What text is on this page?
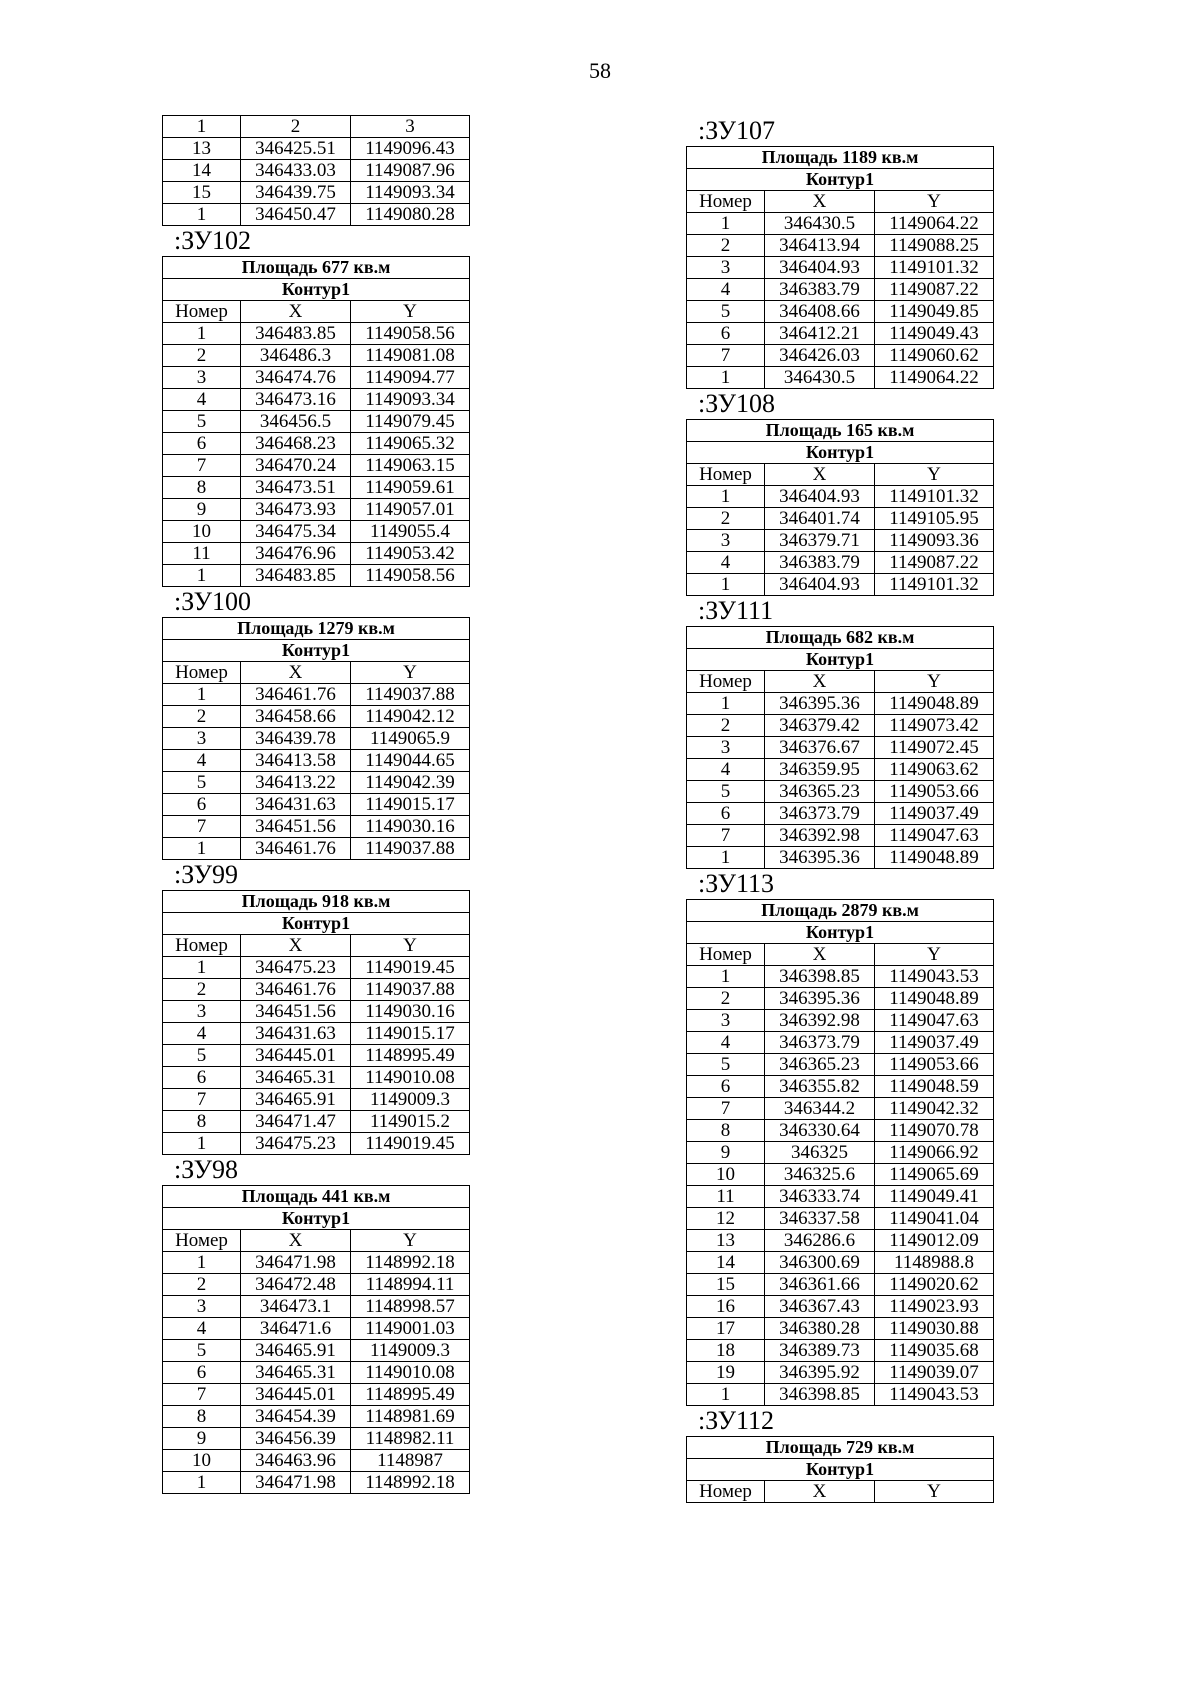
58
1	2	3
13	346425.51	1149096.43
14	346433.03	1149087.96
15	346439.75	1149093.34
1	346450.47	1149080.28
:ЗУ102
Площадь 677 кв.м		
Контур1		
Номер	X	Y
1	346483.85	1149058.56
2	346486.3	1149081.08
3	346474.76	1149094.77
4	346473.16	1149093.34
5	346456.5	1149079.45
6	346468.23	1149065.32
7	346470.24	1149063.15
8	346473.51	1149059.61
9	346473.93	1149057.01
10	346475.34	1149055.4
11	346476.96	1149053.42
1	346483.85	1149058.56
:ЗУ100
Площадь 1279 кв.м		
Контур1		
Номер	X	Y
1	346461.76	1149037.88
2	346458.66	1149042.12
3	346439.78	1149065.9
4	346413.58	1149044.65
5	346413.22	1149042.39
6	346431.63	1149015.17
7	346451.56	1149030.16
1	346461.76	1149037.88
:ЗУ99
Площадь 918 кв.м		
Контур1		
Номер	X	Y
1	346475.23	1149019.45
2	346461.76	1149037.88
3	346451.56	1149030.16
4	346431.63	1149015.17
5	346445.01	1148995.49
6	346465.31	1149010.08
7	346465.91	1149009.3
8	346471.47	1149015.2
1	346475.23	1149019.45
:ЗУ98
Площадь 441 кв.м		
Контур1		
Номер	X	Y
1	346471.98	1148992.18
2	346472.48	1148994.11
3	346473.1	1148998.57
4	346471.6	1149001.03
5	346465.91	1149009.3
6	346465.31	1149010.08
7	346445.01	1148995.49
8	346454.39	1148981.69
9	346456.39	1148982.11
10	346463.96	1148987
1	346471.98	1148992.18
:ЗУ107
Площадь 1189 кв.м		
Контур1		
Номер	X	Y
1	346430.5	1149064.22
2	346413.94	1149088.25
3	346404.93	1149101.32
4	346383.79	1149087.22
5	346408.66	1149049.85
6	346412.21	1149049.43
7	346426.03	1149060.62
1	346430.5	1149064.22
:ЗУ108
Площадь 165 кв.м		
Контур1		
Номер	X	Y
1	346404.93	1149101.32
2	346401.74	1149105.95
3	346379.71	1149093.36
4	346383.79	1149087.22
1	346404.93	1149101.32
:ЗУ111
Площадь 682 кв.м		
Контур1		
Номер	X	Y
1	346395.36	1149048.89
2	346379.42	1149073.42
3	346376.67	1149072.45
4	346359.95	1149063.62
5	346365.23	1149053.66
6	346373.79	1149037.49
7	346392.98	1149047.63
1	346395.36	1149048.89
:ЗУ113
Площадь 2879 кв.м		
Контур1		
Номер	X	Y
1	346398.85	1149043.53
2	346395.36	1149048.89
3	346392.98	1149047.63
4	346373.79	1149037.49
5	346365.23	1149053.66
6	346355.82	1149048.59
7	346344.2	1149042.32
8	346330.64	1149070.78
9	346325	1149066.92
10	346325.6	1149065.69
11	346333.74	1149049.41
12	346337.58	1149041.04
13	346286.6	1149012.09
14	346300.69	1148988.8
15	346361.66	1149020.62
16	346367.43	1149023.93
17	346380.28	1149030.88
18	346389.73	1149035.68
19	346395.92	1149039.07
1	346398.85	1149043.53
:ЗУ112
Площадь 729 кв.м
Контур1
Номер	X	Y
